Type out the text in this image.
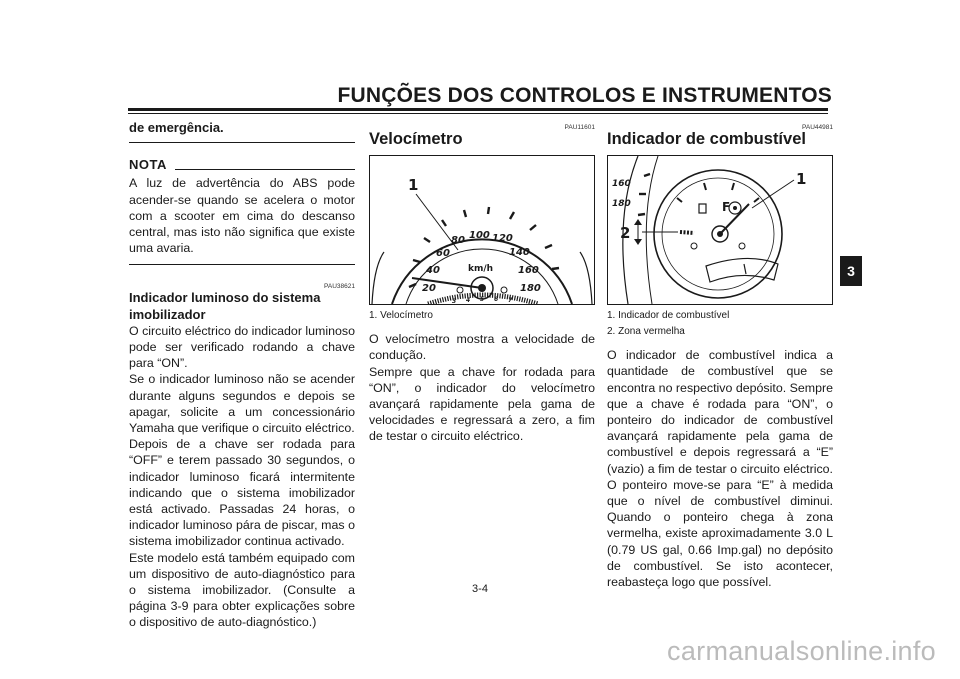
FUNÇÕES DOS CONTROLOS E INSTRUMENTOS
3
de emergência.
NOTA

A luz de advertência do ABS pode acender-se quando se acelera o motor com a scooter em cima do descanso central, mas isto não significa que existe uma avaria.

PAU38621
Indicador luminoso do sistema imobilizador

O circuito eléctrico do indicador luminoso pode ser verificado rodando a chave para “ON”.

Se o indicador luminoso não se acender durante alguns segundos e depois se apagar, solicite a um concessionário Yamaha que verifique o circuito eléctrico.

Depois de a chave ser rodada para “OFF” e terem passado 30 segundos, o indicador luminoso ficará intermitente indicando que o sistema imobilizador está activado. Passadas 24 horas, o indicador luminoso pára de piscar, mas o sistema imobilizador continua activado.

Este modelo está também equipado com um dispositivo de auto-diagnóstico para o sistema imobilizador. (Consulte a página 3-9 para obter explicações sobre o dispositivo de auto-diagnóstico.)

PAU11601
Velocímetro
20
40
60
80 100 120
140
160
180
km/h
3 4 5 6 7
1
1. Velocímetro

O velocímetro mostra a velocidade de condução.
Sempre que a chave for rodada para “ON”, o indicador do velocímetro avançará rapidamente pela gama de velocidades e regressará a zero, a fim de testar o circuito eléctrico.

PAU44981
Indicador de combustível
160
180	F
1
2
1. Indicador de combustível
2. Zona vermelha

O indicador de combustível indica a quantidade de combustível que se encontra no respectivo depósito. Sempre que a chave é rodada para “ON”, o ponteiro do indicador de combustível avançará rapidamente pela gama de combustível e depois regressará a “E” (vazio) a fim de testar o circuito eléctrico. O ponteiro move-se para “E” à medida que o nível de combustível diminui. Quando o ponteiro chega à zona vermelha, existe aproximadamente 3.0 L (0.79 US gal, 0.66 Imp.gal) no depósito de combustível. Se isto acontecer, reabasteça logo que possível.

3-4
carmanualsonline.info
